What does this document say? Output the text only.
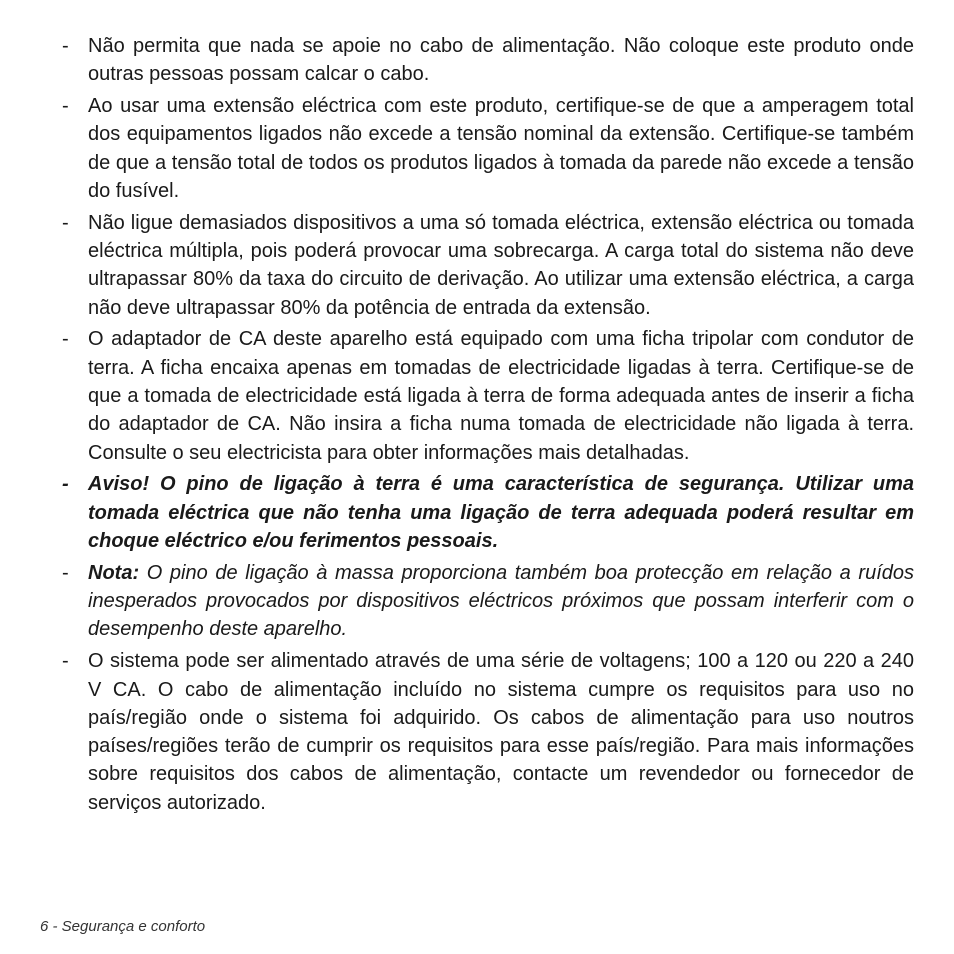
- Não permita que nada se apoie no cabo de alimentação. Não coloque este produto onde outras pessoas possam calcar o cabo.
- Ao usar uma extensão eléctrica com este produto, certifique-se de que a amperagem total dos equipamentos ligados não excede a tensão nominal da extensão. Certifique-se também de que a tensão total de todos os produtos ligados à tomada da parede não excede a tensão do fusível.
- Não ligue demasiados dispositivos a uma só tomada eléctrica, extensão eléctrica ou tomada eléctrica múltipla, pois poderá provocar uma sobrecarga. A carga total do sistema não deve ultrapassar 80% da taxa do circuito de derivação. Ao utilizar uma extensão eléctrica, a carga não deve ultrapassar 80% da potência de entrada da extensão.
- O adaptador de CA deste aparelho está equipado com uma ficha tripolar com condutor de terra. A ficha encaixa apenas em tomadas de electricidade ligadas à terra. Certifique-se de que a tomada de electricidade está ligada à terra de forma adequada antes de inserir a ficha do adaptador de CA. Não insira a ficha numa tomada de electricidade não ligada à terra. Consulte o seu electricista para obter informações mais detalhadas.
- Aviso! O pino de ligação à terra é uma característica de segurança. Utilizar uma tomada eléctrica que não tenha uma ligação de terra adequada poderá resultar em choque eléctrico e/ou ferimentos pessoais.
- Nota: O pino de ligação à massa proporciona também boa protecção em relação a ruídos inesperados provocados por dispositivos eléctricos próximos que possam interferir com o desempenho deste aparelho.
- O sistema pode ser alimentado através de uma série de voltagens; 100 a 120 ou 220 a 240 V CA. O cabo de alimentação incluído no sistema cumpre os requisitos para uso no país/região onde o sistema foi adquirido. Os cabos de alimentação para uso noutros países/regiões terão de cumprir os requisitos para esse país/região. Para mais informações sobre requisitos dos cabos de alimentação, contacte um revendedor ou fornecedor de serviços autorizado.
6 - Segurança e conforto
